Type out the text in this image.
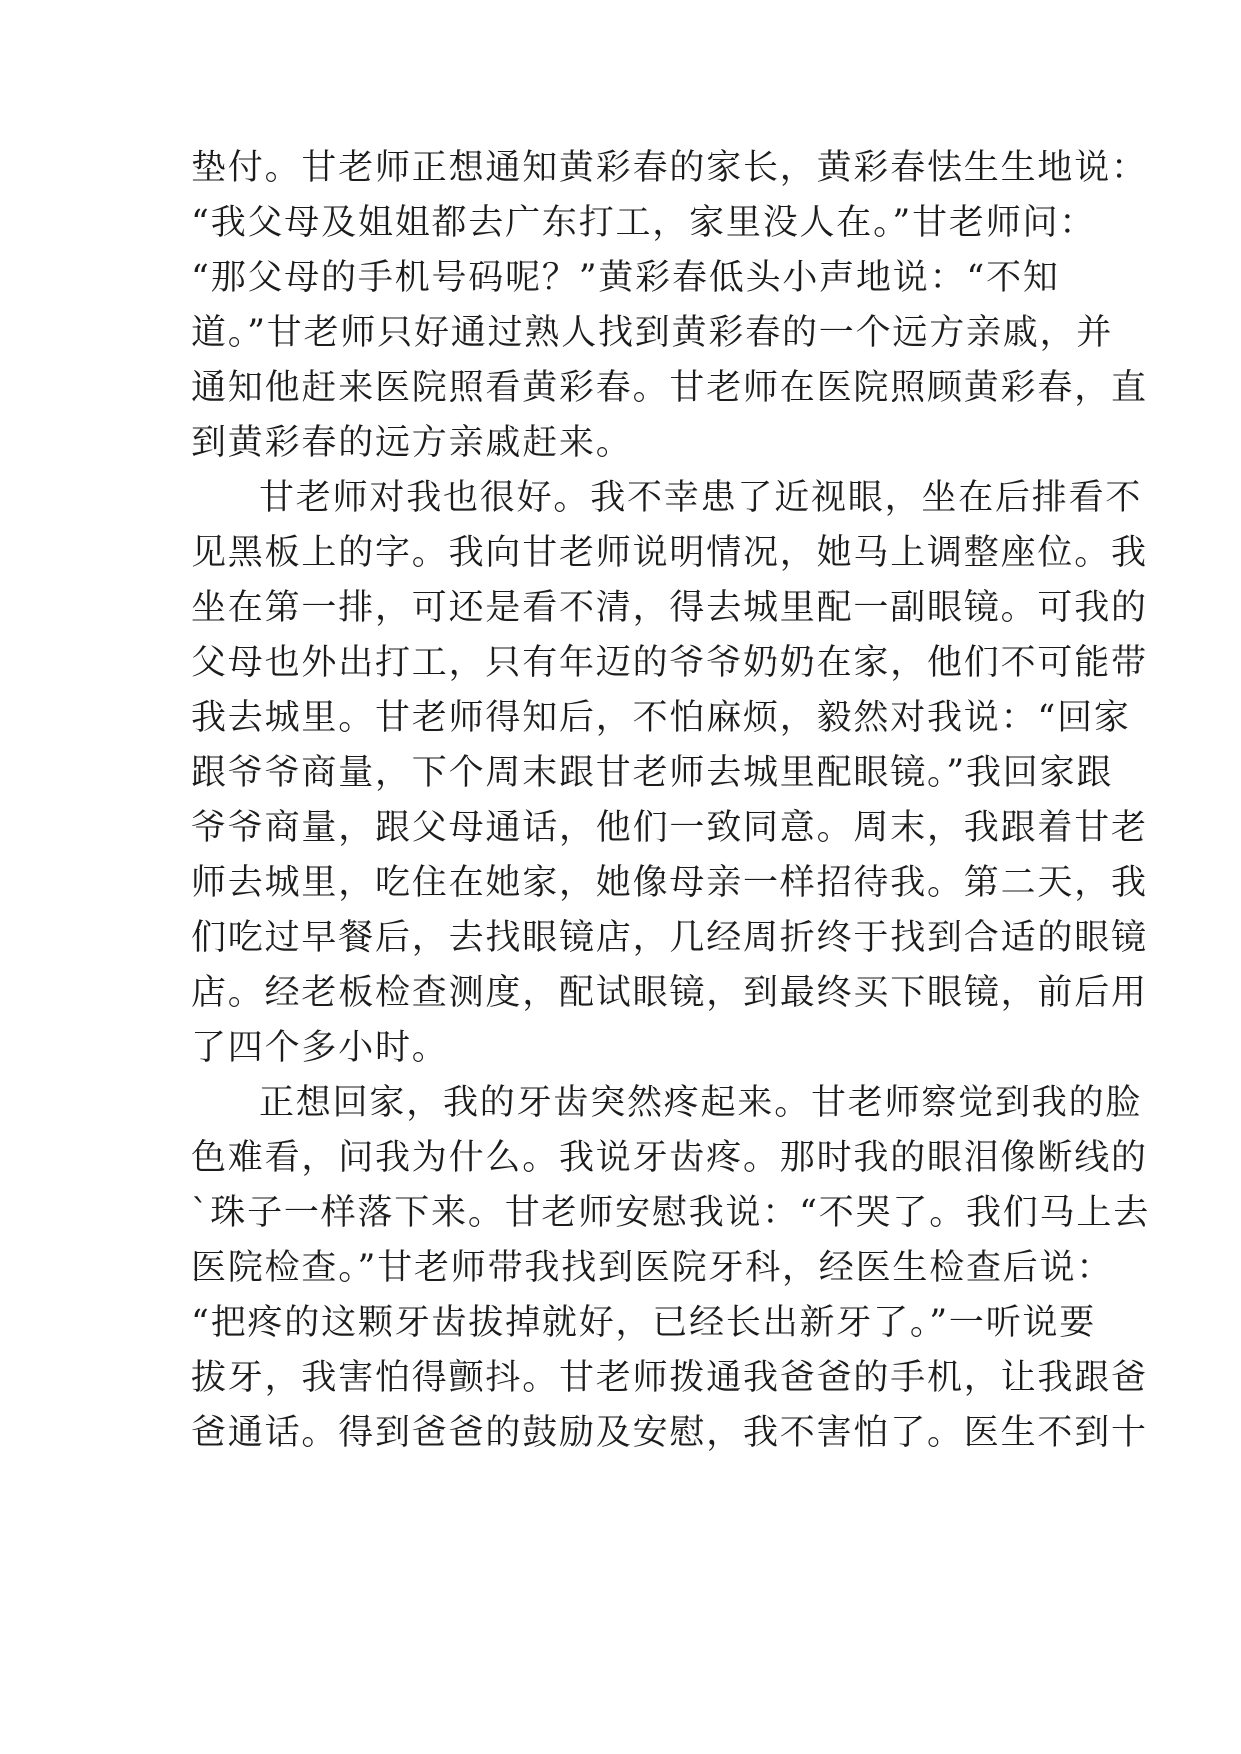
垫付。甘老师正想通知黄彩春的家长，黄彩春怯生生地说：
“我父母及姐姐都去广东打工，家里没人在。”甘老师问：
“那父母的手机号码呢？”黄彩春低头小声地说：“不知
道。”甘老师只好通过熟人找到黄彩春的一个远方亲戚，并
通知他赶来医院照看黄彩春。甘老师在医院照顾黄彩春，直
到黄彩春的远方亲戚赶来。
甘老师对我也很好。我不幸患了近视眼，坐在后排看不
见黑板上的字。我向甘老师说明情况，她马上调整座位。我
坐在第一排，可还是看不清，得去城里配一副眼镜。可我的
父母也外出打工，只有年迈的爷爷奶奶在家，他们不可能带
我去城里。甘老师得知后，不怕麻烦，毅然对我说：“回家
跟爷爷商量，下个周末跟甘老师去城里配眼镜。”我回家跟
爷爷商量，跟父母通话，他们一致同意。周末，我跟着甘老
师去城里，吃住在她家，她像母亲一样招待我。第二天，我
们吃过早餐后，去找眼镜店，几经周折终于找到合适的眼镜
店。经老板检查测度，配试眼镜，到最终买下眼镜，前后用
了四个多小时。
正想回家，我的牙齿突然疼起来。甘老师察觉到我的脸
色难看，问我为什么。我说牙齿疼。那时我的眼泪像断线的
`珠子一样落下来。甘老师安慰我说：“不哭了。我们马上去
医院检查。”甘老师带我找到医院牙科，经医生检查后说：
“把疼的这颗牙齿拔掉就好，已经长出新牙了。”一听说要
拔牙，我害怕得颤抖。甘老师拨通我爸爸的手机，让我跟爸
爸通话。得到爸爸的鼓励及安慰，我不害怕了。医生不到十
